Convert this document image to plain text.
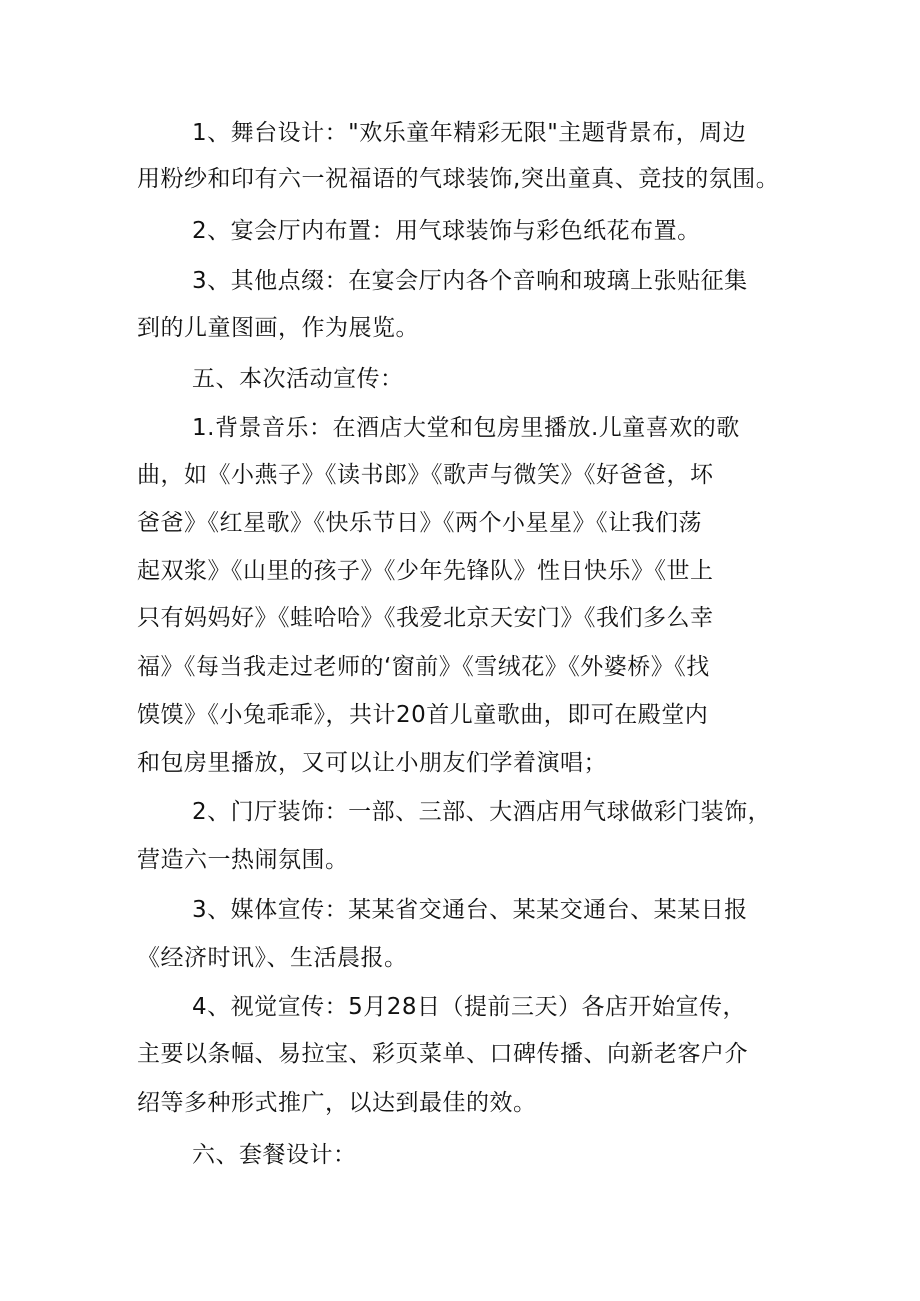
1、舞台设计："欢乐童年精彩无限"主题背景布，周边
用粉纱和印有六一祝福语的气球装饰,突出童真、竞技的氛围。
2、宴会厅内布置：用气球装饰与彩色纸花布置。
3、其他点缀：在宴会厅内各个音响和玻璃上张贴征集
到的儿童图画，作为展览。
五、本次活动宣传：
1.背景音乐：在酒店大堂和包房里播放.儿童喜欢的歌
曲，如《小燕子》《读书郎》《歌声与微笑》《好爸爸，坏
爸爸》《红星歌》《快乐节日》《两个小星星》《让我们荡
起双浆》《山里的孩子》《少年先锋队》性日快乐》《世上
只有妈妈好》《蛙哈哈》《我爱北京天安门》《我们多么幸
福》《每当我走过老师的‘窗前》《雪绒花》《外婆桥》《找
馍馍》《小兔乖乖》，共计20首儿童歌曲，即可在殿堂内
和包房里播放，又可以让小朋友们学着演唱；
2、门厅装饰：一部、三部、大酒店用气球做彩门装饰，
营造六一热闹氛围。
3、媒体宣传：某某省交通台、某某交通台、某某日报
《经济时讯》、生活晨报。
4、视觉宣传：5月28日（提前三天）各店开始宣传，
主要以条幅、易拉宝、彩页菜单、口碑传播、向新老客户介
绍等多种形式推广，以达到最佳的效。
六、套餐设计：
